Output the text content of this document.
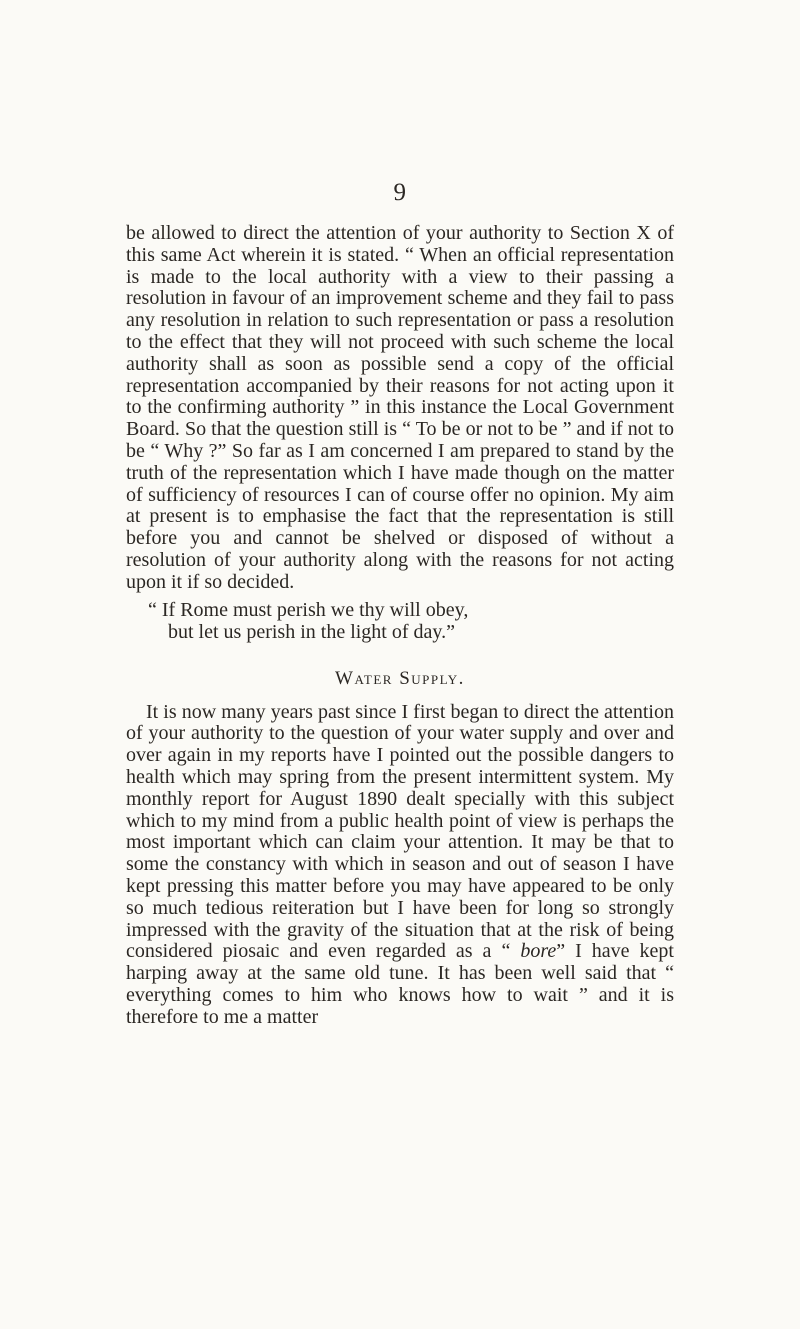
9

be allowed to direct the attention of your authority to Section X of this same Act wherein it is stated. “ When an official representation is made to the local authority with a view to their passing a resolution in favour of an improvement scheme and they fail to pass any resolution in relation to such representation or pass a resolution to the effect that they will not proceed with such scheme the local authority shall as soon as possible send a copy of the official representation accompanied by their reasons for not acting upon it to the confirming authority ” in this instance the Local Government Board. So that the question still is “ To be or not to be ” and if not to be “ Why ?” So far as I am concerned I am prepared to stand by the truth of the representation which I have made though on the matter of sufficiency of resources I can of course offer no opinion. My aim at present is to emphasise the fact that the representation is still before you and cannot be shelved or disposed of without a resolution of your authority along with the reasons for not acting upon it if so decided.

“ If Rome must perish we thy will obey,
but let us perish in the light of day.”
Water Supply.

It is now many years past since I first began to direct the attention of your authority to the question of your water supply and over and over again in my reports have I pointed out the possible dangers to health which may spring from the present intermittent system. My monthly report for August 1890 dealt specially with this subject which to my mind from a public health point of view is perhaps the most important which can claim your attention. It may be that to some the constancy with which in season and out of season I have kept pressing this matter before you may have appeared to be only so much tedious reiteration but I have been for long so strongly impressed with the gravity of the situation that at the risk of being considered piosaic and even regarded as a “ bore” I have kept harping away at the same old tune. It has been well said that “ everything comes to him who knows how to wait ” and it is therefore to me a matter
